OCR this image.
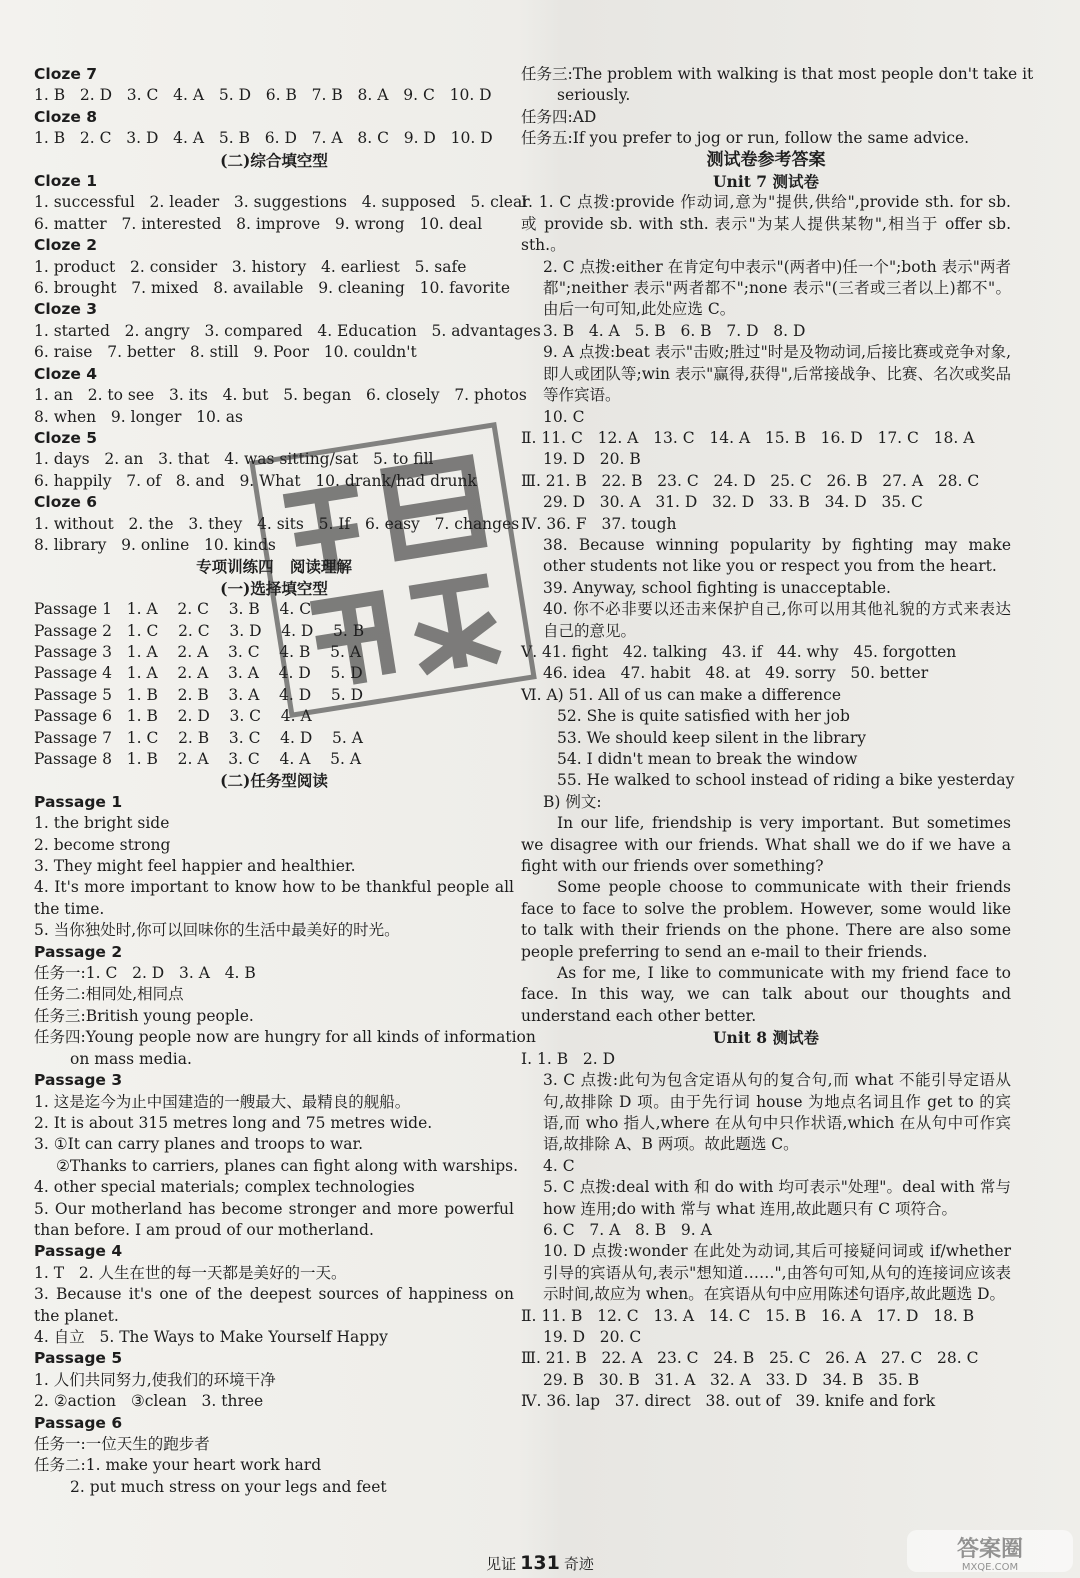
Cloze 7
1. B   2. D   3. C   4. A   5. D   6. B   7. B   8. A   9. C   10. D
Cloze 8
1. B   2. C   3. D   4. A   5. B   6. D   7. A   8. C   9. D   10. D
(二)综合填空型
Cloze 1
1. successful   2. leader   3. suggestions   4. supposed   5. clear
6. matter   7. interested   8. improve   9. wrong   10. deal
Cloze 2
1. product   2. consider   3. history   4. earliest   5. safe
6. brought   7. mixed   8. available   9. cleaning   10. favorite
Cloze 3
1. started   2. angry   3. compared   4. Education   5. advantages
6. raise   7. better   8. still   9. Poor   10. couldn't
Cloze 4
1. an   2. to see   3. its   4. but   5. began   6. closely   7. photos
8. when   9. longer   10. as
Cloze 5
1. days   2. an   3. that   4. was sitting/sat   5. to fill
6. happily   7. of   8. and   9. What   10. drank/had drunk
Cloze 6
1. without   2. the   3. they   4. sits   5. If   6. easy   7. changes
8. library   9. online   10. kinds
专项训练四   阅读理解
(一)选择填空型
Passage 1   1. A    2. C    3. B    4. C
Passage 2   1. C    2. C    3. D    4. D    5. B
Passage 3   1. A    2. A    3. C    4. B    5. A
Passage 4   1. A    2. A    3. A    4. D    5. D
Passage 5   1. B    2. B    3. A    4. D    5. D
Passage 6   1. B    2. D    3. C    4. A
Passage 7   1. C    2. B    3. C    4. D    5. A
Passage 8   1. B    2. A    3. C    4. A    5. A
(二)任务型阅读
Passage 1
1. the bright side
2. become strong
3. They might feel happier and healthier.
4. It's more important to know how to be thankful people all the time.
5. 当你独处时,你可以回味你的生活中最美好的时光。
Passage 2
任务一:1. C   2. D   3. A   4. B
任务二:相同处,相同点
任务三:British young people.
任务四:Young people now are hungry for all kinds of information
on mass media.
Passage 3
1. 这是迄今为止中国建造的一艘最大、最精良的舰船。
2. It is about 315 metres long and 75 metres wide.
3. ①It can carry planes and troops to war.
②Thanks to carriers, planes can fight along with warships.
4. other special materials; complex technologies
5. Our motherland has become stronger and more powerful than before. I am proud of our motherland.
Passage 4
1. T   2. 人生在世的每一天都是美好的一天。
3. Because it's one of the deepest sources of happiness on the planet.
4. 自立   5. The Ways to Make Yourself Happy
Passage 5
1. 人们共同努力,使我们的环境干净
2. ②action   ③clean   3. three
Passage 6
任务一:一位天生的跑步者
任务二:1. make your heart work hard
2. put much stress on your legs and feet
任务三:The problem with walking is that most people don't take it
seriously.
任务四:AD
任务五:If you prefer to jog or run, follow the same advice.
测试卷参考答案
Unit 7 测试卷
Ⅰ. 1. C 点拨:provide 作动词,意为"提供,供给",provide sth. for sb. 或 provide sb. with sth. 表示"为某人提供某物",相当于 offer sb. sth.。
2. C 点拨:either 在肯定句中表示"(两者中)任一个";both 表示"两者都";neither 表示"两者都不";none 表示"(三者或三者以上)都不"。由后一句可知,此处应选 C。
3. B   4. A   5. B   6. B   7. D   8. D
9. A 点拨:beat 表示"击败;胜过"时是及物动词,后接比赛或竞争对象,即人或团队等;win 表示"赢得,获得",后常接战争、比赛、名次或奖品等作宾语。
10. C
Ⅱ. 11. C   12. A   13. C   14. A   15. B   16. D   17. C   18. A
19. D   20. B
Ⅲ. 21. B   22. B   23. C   24. D   25. C   26. B   27. A   28. C
29. D   30. A   31. D   32. D   33. B   34. D   35. C
Ⅳ. 36. F   37. tough
38. Because winning popularity by fighting may make other students not like you or respect you from the heart.
39. Anyway, school fighting is unacceptable.
40. 你不必非要以还击来保护自己,你可以用其他礼貌的方式来表达自己的意见。
Ⅴ. 41. fight   42. talking   43. if   44. why   45. forgotten
46. idea   47. habit   48. at   49. sorry   50. better
Ⅵ. A) 51. All of us can make a difference
52. She is quite satisfied with her job
53. We should keep silent in the library
54. I didn't mean to break the window
55. He walked to school instead of riding a bike yesterday
B) 例文:
In our life, friendship is very important. But sometimes we disagree with our friends. What shall we do if we have a fight with our friends over something?
Some people choose to communicate with their friends face to face to solve the problem. However, some would like to talk with their friends on the phone. There are also some people preferring to send an e-mail to their friends.
As for me, I like to communicate with my friend face to face. In this way, we can talk about our thoughts and understand each other better.
Unit 8 测试卷
Ⅰ. 1. B   2. D
3. C 点拨:此句为包含定语从句的复合句,而 what 不能引导定语从句,故排除 D 项。由于先行词 house 为地点名词且作 get to 的宾语,而 who 指人,where 在从句中只作状语,which 在从句中可作宾语,故排除 A、B 两项。故此题选 C。
4. C
5. C 点拨:deal with 和 do with 均可表示"处理"。deal with 常与 how 连用;do with 常与 what 连用,故此题只有 C 项符合。
6. C   7. A   8. B   9. A
10. D 点拨:wonder 在此处为动词,其后可接疑问词或 if/whether 引导的宾语从句,表示"想知道……",由答句可知,从句的连接词应该表示时间,故应为 when。在宾语从句中应用陈述句语序,故此题选 D。
Ⅱ. 11. B   12. C   13. A   14. C   15. B   16. A   17. D   18. B
19. D   20. C
Ⅲ. 21. B   22. A   23. C   24. B   25. C   26. A   27. C   28. C
29. B   30. B   31. A   32. A   33. D   34. B   35. B
Ⅳ. 36. lap   37. direct   38. out of   39. knife and fork
见证 131 奇迹
答案圈
MXQE.COM
